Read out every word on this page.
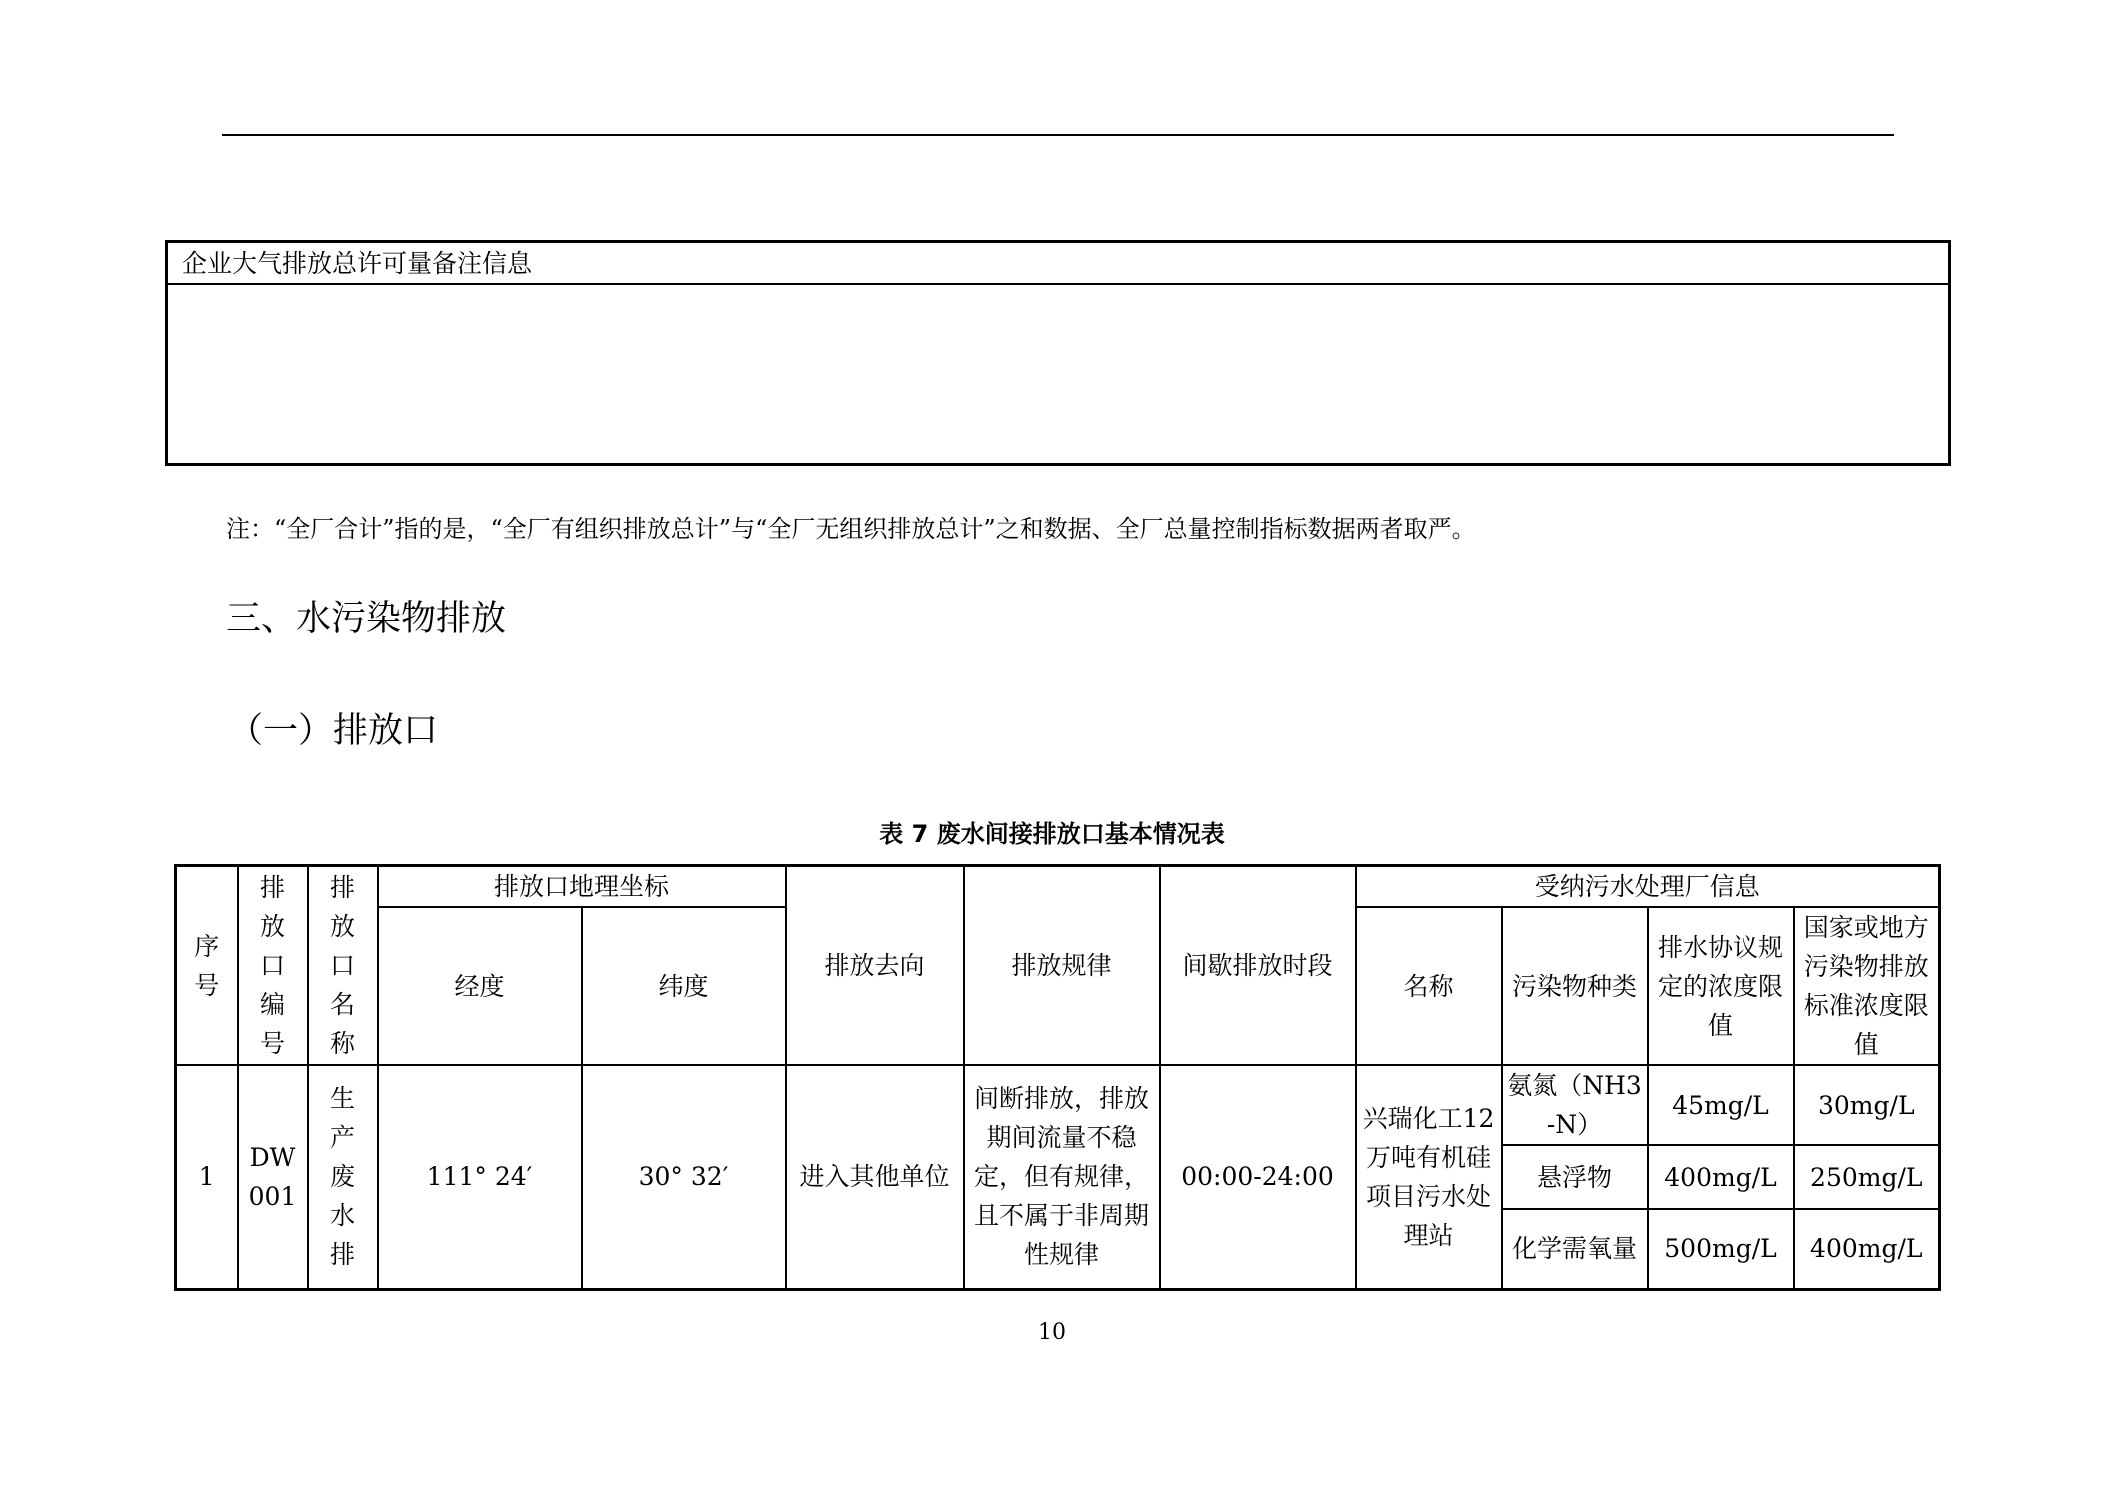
企业大气排放总许可量备注信息
注：“全厂合计”指的是，“全厂有组织排放总计”与“全厂无组织排放总计”之和数据、全厂总量控制指标数据两者取严。
三、水污染物排放
（一）排放口
表 7 废水间接排放口基本情况表
序号	排放口编号	排放口名称	排放口地理坐标		排放去向	排放规律	间歇排放时段	受纳污水处理厂信息			
			经度	纬度				名称	污染物种类	排水协议规定的浓度限值	国家或地方污染物排放标准浓度限值
1	DW001	生产废水排	111° 24′	30° 32′	进入其他单位	间断排放，排放期间流量不稳定，但有规律，且不属于非周期性规律	00:00-24:00	兴瑞化工12万吨有机硅项目污水处理站	氨氮（NH3-N）	45mg/L	30mg/L
									悬浮物	400mg/L	250mg/L
									化学需氧量	500mg/L	400mg/L
10
